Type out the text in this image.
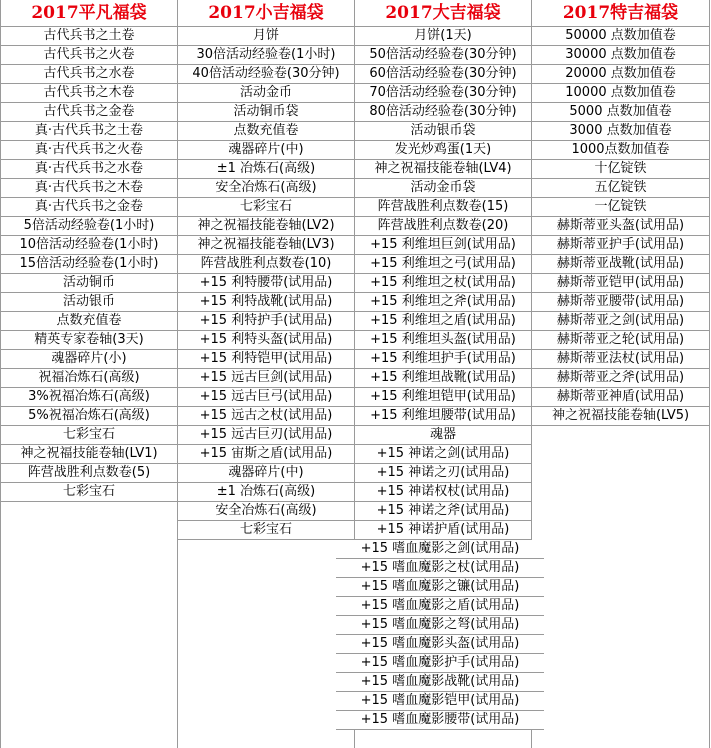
2017平凡福袋
古代兵书之土卷
古代兵书之火卷
古代兵书之水卷
古代兵书之木卷
古代兵书之金卷
真·古代兵书之土卷
真·古代兵书之火卷
真·古代兵书之水卷
真·古代兵书之木卷
真·古代兵书之金卷
5倍活动经验卷(1小时)
10倍活动经验卷(1小时)
15倍活动经验卷(1小时)
活动铜币
活动银币
点数充值卷
精英专家卷轴(3天)
魂器碎片(小)
祝福冶炼石(高级)
3%祝福冶炼石(高级)
5%祝福冶炼石(高级)
七彩宝石
神之祝福技能卷轴(LV1)
阵营战胜利点数卷(5)
七彩宝石
2017小吉福袋
月饼
30倍活动经验卷(1小时)
40倍活动经验卷(30分钟)
活动金币
活动铜币袋
点数充值卷
魂器碎片(中)
±1 冶炼石(高级)
安全冶炼石(高级)
七彩宝石
神之祝福技能卷轴(LV2)
神之祝福技能卷轴(LV3)
阵营战胜利点数卷(10)
+15 利特腰带(试用品)
+15 利特战靴(试用品)
+15 利特护手(试用品)
+15 利特头盔(试用品)
+15 利特铠甲(试用品)
+15 远古巨剑(试用品)
+15 远古巨弓(试用品)
+15 远古之杖(试用品)
+15 远古巨刃(试用品)
+15 宙斯之盾(试用品)
魂器碎片(中)
±1 冶炼石(高级)
安全冶炼石(高级)
七彩宝石
2017大吉福袋
月饼(1天)
50倍活动经验卷(30分钟)
60倍活动经验卷(30分钟)
70倍活动经验卷(30分钟)
80倍活动经验卷(30分钟)
活动银币袋
发光炒鸡蛋(1天)
神之祝福技能卷轴(LV4)
活动金币袋
阵营战胜利点数卷(15)
阵营战胜利点数卷(20)
+15 利维坦巨剑(试用品)
+15 利维坦之弓(试用品)
+15 利维坦之杖(试用品)
+15 利维坦之斧(试用品)
+15 利维坦之盾(试用品)
+15 利维坦头盔(试用品)
+15 利维坦护手(试用品)
+15 利维坦战靴(试用品)
+15 利维坦铠甲(试用品)
+15 利维坦腰带(试用品)
魂器
+15 神诺之剑(试用品)
+15 神诺之刃(试用品)
+15 神诺权杖(试用品)
+15 神诺之斧(试用品)
+15 神诺护盾(试用品)
2017特吉福袋
50000 点数加值卷
30000 点数加值卷
20000 点数加值卷
10000 点数加值卷
5000 点数加值卷
3000 点数加值卷
1000点数加值卷
十亿锭铁
五亿锭铁
一亿锭铁
赫斯蒂亚头盔(试用品)
赫斯蒂亚护手(试用品)
赫斯蒂亚战靴(试用品)
赫斯蒂亚铠甲(试用品)
赫斯蒂亚腰带(试用品)
赫斯蒂亚之剑(试用品)
赫斯蒂亚之轮(试用品)
赫斯蒂亚法杖(试用品)
赫斯蒂亚之斧(试用品)
赫斯蒂亚神盾(试用品)
神之祝福技能卷轴(LV5)
+15 嗜血魔影之剑(试用品)
+15 嗜血魔影之杖(试用品)
+15 嗜血魔影之镰(试用品)
+15 嗜血魔影之盾(试用品)
+15 嗜血魔影之弩(试用品)
+15 嗜血魔影头盔(试用品)
+15 嗜血魔影护手(试用品)
+15 嗜血魔影战靴(试用品)
+15 嗜血魔影铠甲(试用品)
+15 嗜血魔影腰带(试用品)
